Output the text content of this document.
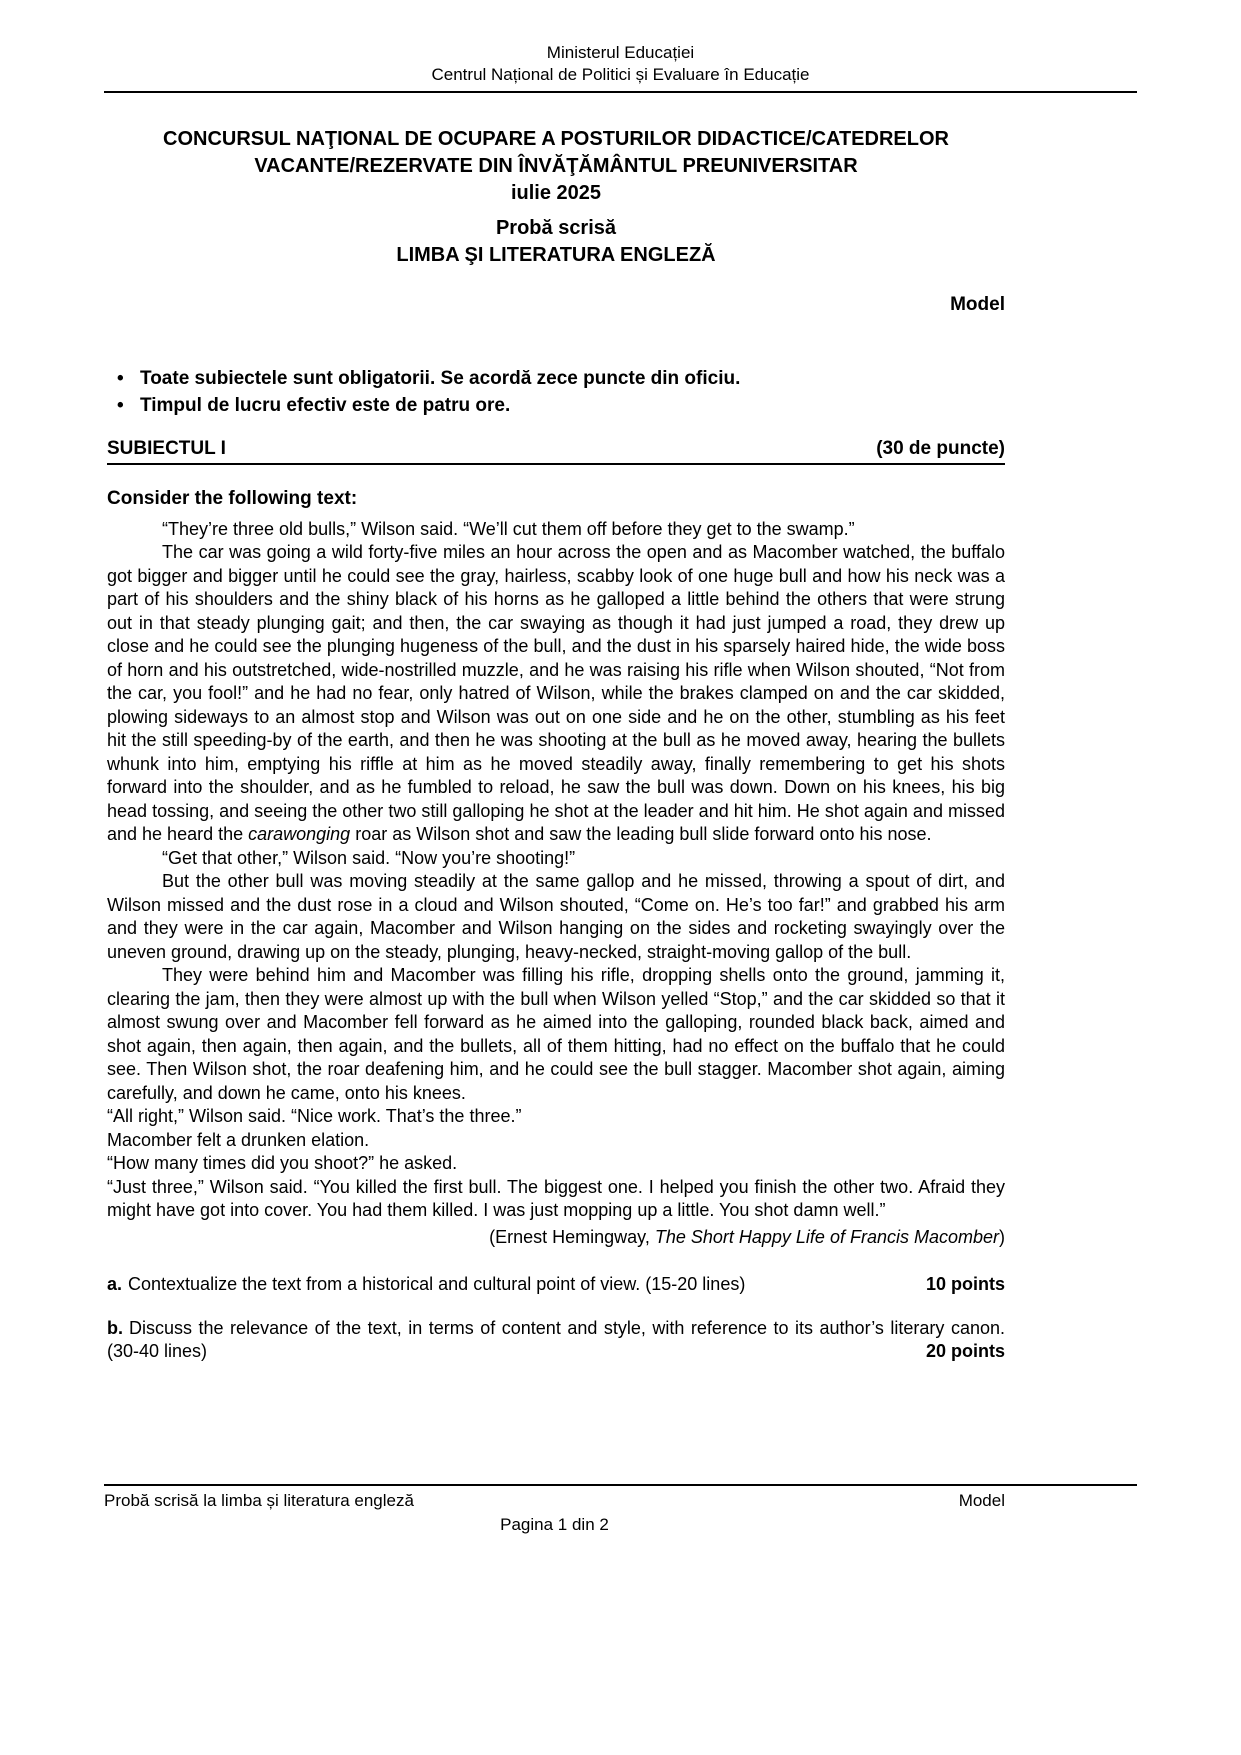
Ministerul Educației
Centrul Național de Politici și Evaluare în Educație
CONCURSUL NAŢIONAL DE OCUPARE A POSTURILOR DIDACTICE/CATEDRELOR
VACANTE/REZERVATE DIN ÎNVĂŢĂMÂNTUL PREUNIVERSITAR
iulie 2025
Probă scrisă
LIMBA ŞI LITERATURA ENGLEZĂ
Model
• Toate subiectele sunt obligatorii. Se acordă zece puncte din oficiu.
• Timpul de lucru efectiv este de patru ore.
SUBIECTUL I	(30 de puncte)
Consider the following text:

“They’re three old bulls,” Wilson said. “We’ll cut them off before they get to the swamp.”

The car was going a wild forty-five miles an hour across the open and as Macomber watched, the buffalo got bigger and bigger until he could see the gray, hairless, scabby look of one huge bull and how his neck was a part of his shoulders and the shiny black of his horns as he galloped a little behind the others that were strung out in that steady plunging gait; and then, the car swaying as though it had just jumped a road, they drew up close and he could see the plunging hugeness of the bull, and the dust in his sparsely haired hide, the wide boss of horn and his outstretched, wide-nostrilled muzzle, and he was raising his rifle when Wilson shouted, “Not from the car, you fool!” and he had no fear, only hatred of Wilson, while the brakes clamped on and the car skidded, plowing sideways to an almost stop and Wilson was out on one side and he on the other, stumbling as his feet hit the still speeding-by of the earth, and then he was shooting at the bull as he moved away, hearing the bullets whunk into him, emptying his riffle at him as he moved steadily away, finally remembering to get his shots forward into the shoulder, and as he fumbled to reload, he saw the bull was down. Down on his knees, his big head tossing, and seeing the other two still galloping he shot at the leader and hit him. He shot again and missed and he heard the carawonging roar as Wilson shot and saw the leading bull slide forward onto his nose.

“Get that other,” Wilson said. “Now you’re shooting!”

But the other bull was moving steadily at the same gallop and he missed, throwing a spout of dirt, and Wilson missed and the dust rose in a cloud and Wilson shouted, “Come on. He’s too far!” and grabbed his arm and they were in the car again, Macomber and Wilson hanging on the sides and rocketing swayingly over the uneven ground, drawing up on the steady, plunging, heavy-necked, straight-moving gallop of the bull.

They were behind him and Macomber was filling his rifle, dropping shells onto the ground, jamming it, clearing the jam, then they were almost up with the bull when Wilson yelled “Stop,” and the car skidded so that it almost swung over and Macomber fell forward as he aimed into the galloping, rounded black back, aimed and shot again, then again, then again, and the bullets, all of them hitting, had no effect on the buffalo that he could see. Then Wilson shot, the roar deafening him, and he could see the bull stagger. Macomber shot again, aiming carefully, and down he came, onto his knees.

“All right,” Wilson said. “Nice work. That’s the three.”

Macomber felt a drunken elation.

“How many times did you shoot?” he asked.

“Just three,” Wilson said. “You killed the first bull. The biggest one. I helped you finish the other two. Afraid they might have got into cover. You had them killed. I was just mopping up a little. You shot damn well.”

(Ernest Hemingway, The Short Happy Life of Francis Macomber)
10 points
a. Contextualize the text from a historical and cultural point of view. (15-20 lines)
20 points
b. Discuss the relevance of the text, in terms of content and style, with reference to its author’s literary canon. (30-40 lines)
Probă scrisă la limba și literatura engleză	Model
Pagina 1 din 2
